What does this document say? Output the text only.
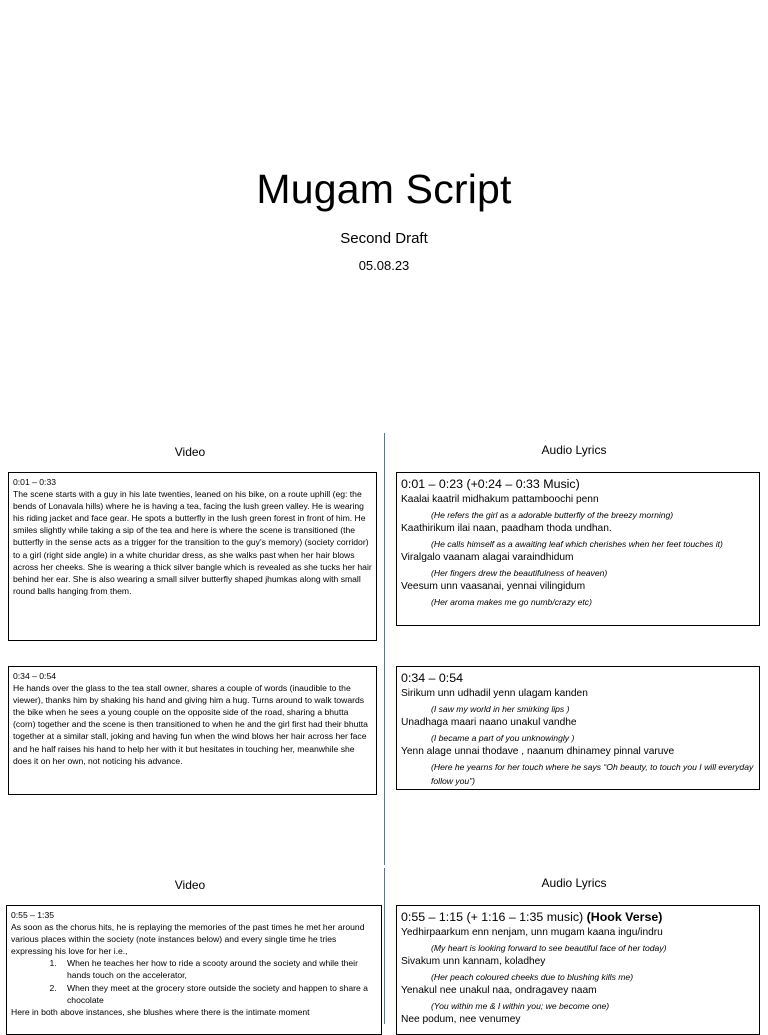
Mugam Script
Second Draft
05.08.23
Video	Audio Lyrics
0:01 – 0:33
The scene starts with a guy in his late twenties, leaned on his bike, on a route uphill (eg: the bends of Lonavala hills) where he is having a tea, facing the lush green valley. He is wearing his riding jacket and face gear. He spots a butterfly in the lush green forest in front of him. He smiles slightly while taking a sip of the tea and here is where the scene is transitioned (the butterfly in the sense acts as a trigger for the transition to the guy's memory) (society corridor) to a girl (right side angle) in a white churidar dress, as she walks past when her hair blows across her cheeks. She is wearing a thick silver bangle which is revealed as she tucks her hair behind her ear. She is also wearing a small silver butterfly shaped jhumkas along with small round balls hanging from them.
0:01 – 0:23 (+0:24 – 0:33 Music)
Kaalai kaatril midhakum pattamboochi penn
(He refers the girl as a adorable butterfly of the breezy morning)
Kaathirikum ilai naan, paadham thoda undhan.
(He calls himself as a awaiting leaf which cherishes when her feet touches it)
Viralgalo vaanam alagai varaindhidum
(Her fingers drew the beautifulness of heaven)
Veesum unn vaasanai, yennai vilingidum
(Her aroma makes me go numb/crazy etc)
0:34 – 0:54
He hands over the glass to the tea stall owner, shares a couple of words (inaudible to the viewer), thanks him by shaking his hand and giving him a hug. Turns around to walk towards the bike when he sees a young couple on the opposite side of the road, sharing a bhutta (corn) together and the scene is then transitioned to when he and the girl first had their bhutta together at a similar stall, joking and having fun when the wind blows her hair across her face and he half raises his hand to help her with it but hesitates in touching her, meanwhile she does it on her own, not noticing his advance.
0:34 – 0:54
Sirikum unn udhadil yenn ulagam kanden
(I saw my world in her smirking lips )
Unadhaga maari naano unakul vandhe
(I became a part of you unknowingly )
Yenn alage unnai thodave , naanum dhinamey pinnal varuve
(Here he yearns for her touch where he says “Oh beauty, to touch you I will everyday follow you”)
Video	Audio Lyrics
0:55 – 1:35
As soon as the chorus hits, he is replaying the memories of the past times he met her around various places within the society (note instances below) and every single time he tries expressing his love for her i.e.,
1. When he teaches her how to ride a scooty around the society and while their hands touch on the accelerator,
2. When they meet at the grocery store outside the society and happen to share a chocolate
Here in both above instances, she blushes where there is the intimate moment
0:55 – 1:15 (+ 1:16 – 1:35 music) (Hook Verse)
Yedhirpaarkum enn nenjam, unn mugam kaana ingu/indru
(My heart is looking forward to see beautiful face of her today)
Sivakum unn kannam, koladhey
(Her peach coloured cheeks due to blushing kills me)
Yenakul nee unakul naa, ondragavey naam
(You within me & I within you; we become one)
Nee podum, nee venumey
